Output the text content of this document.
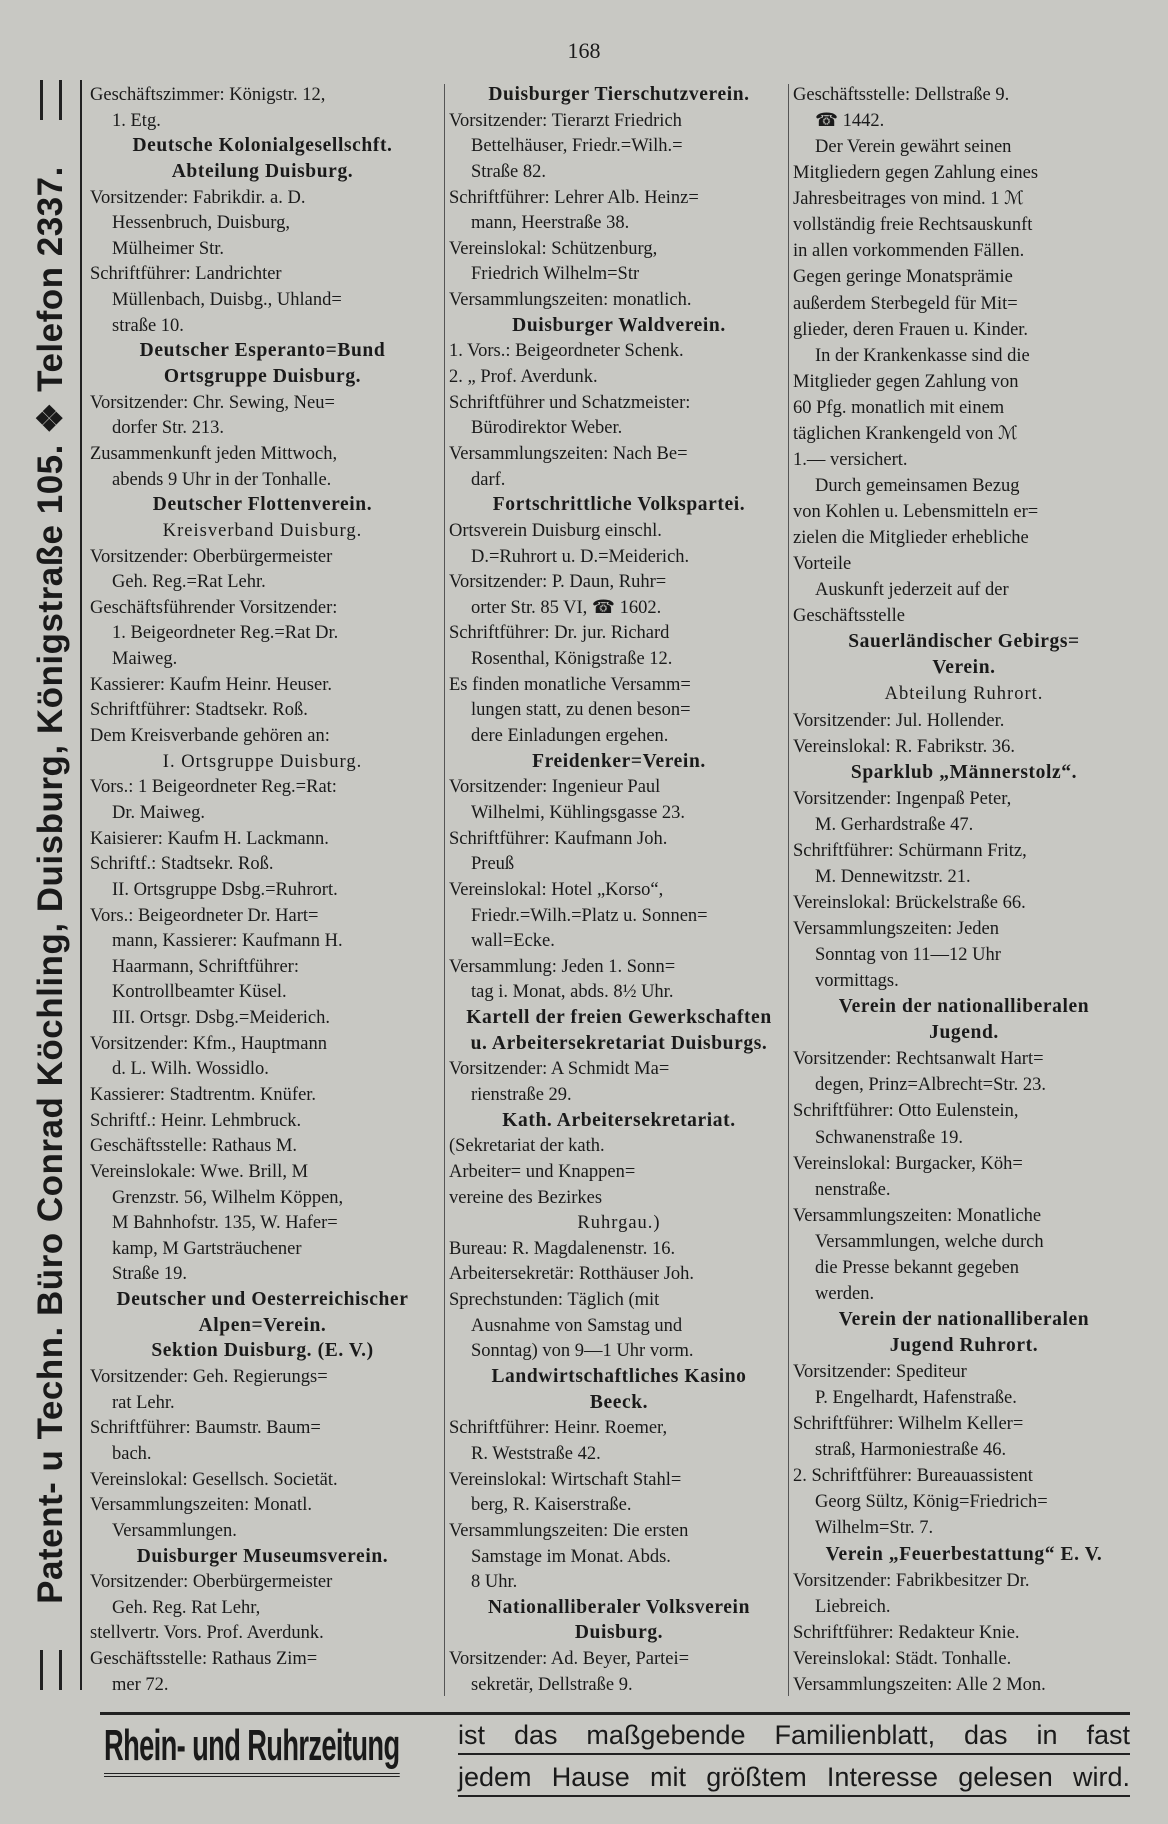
168
Patent- u Techn. Büro Conrad Köchling, Duisburg, Königstraße 105. ❖ Telefon 2337.
Geschäftszimmer: Königstr. 12,
1. Etg.
Deutsche Kolonialgesellschft.
Abteilung Duisburg.
Vorsitzender: Fabrikdir. a. D.
Hessenbruch, Duisburg,
Mülheimer Str.
Schriftführer: Landrichter
Müllenbach, Duisbg., Uhland=
straße 10.
Deutscher Esperanto=Bund
Ortsgruppe Duisburg.
Vorsitzender: Chr. Sewing, Neu=
dorfer Str. 213.
Zusammenkunft jeden Mittwoch,
abends 9 Uhr in der Tonhalle.
Deutscher Flottenverein.
Kreisverband Duisburg.
Vorsitzender: Oberbürgermeister
Geh. Reg.=Rat Lehr.
Geschäftsführender Vorsitzender:
1. Beigeordneter Reg.=Rat Dr.
Maiweg.
Kassierer: Kaufm Heinr. Heuser.
Schriftführer: Stadtsekr. Roß.
Dem Kreisverbande gehören an:
I. Ortsgruppe Duisburg.
Vors.: 1 Beigeordneter Reg.=Rat:
Dr. Maiweg.
Kaisierer: Kaufm H. Lackmann.
Schriftf.: Stadtsekr. Roß.
II. Ortsgruppe Dsbg.=Ruhrort.
Vors.: Beigeordneter Dr. Hart=
mann, Kassierer: Kaufmann H.
Haarmann, Schriftführer:
Kontrollbeamter Küsel.
III. Ortsgr. Dsbg.=Meiderich.
Vorsitzender: Kfm., Hauptmann
d. L. Wilh. Wossidlo.
Kassierer: Stadtrentm. Knüfer.
Schriftf.: Heinr. Lehmbruck.
Geschäftsstelle: Rathaus M.
Vereinslokale: Wwe. Brill, M
Grenzstr. 56, Wilhelm Köppen,
M Bahnhofstr. 135, W. Hafer=
kamp, M Gartsträuchener
Straße 19.
Deutscher und Oesterreichischer
Alpen=Verein.
Sektion Duisburg. (E. V.)
Vorsitzender: Geh. Regierungs=
rat Lehr.
Schriftführer: Baumstr. Baum=
bach.
Vereinslokal: Gesellsch. Societät.
Versammlungszeiten: Monatl.
Versammlungen.
Duisburger Museumsverein.
Vorsitzender: Oberbürgermeister
Geh. Reg. Rat Lehr,
stellvertr. Vors. Prof. Averdunk.
Geschäftsstelle: Rathaus Zim=
mer 72.
Duisburger Tierschutzverein.
Vorsitzender: Tierarzt Friedrich
Bettelhäuser, Friedr.=Wilh.=
Straße 82.
Schriftführer: Lehrer Alb. Heinz=
mann, Heerstraße 38.
Vereinslokal: Schützenburg,
Friedrich Wilhelm=Str
Versammlungszeiten: monatlich.
Duisburger Waldverein.
1. Vors.: Beigeordneter Schenk.
2. „ Prof. Averdunk.
Schriftführer und Schatzmeister:
Bürodirektor Weber.
Versammlungszeiten: Nach Be=
darf.
Fortschrittliche Volkspartei.
Ortsverein Duisburg einschl.
D.=Ruhrort u. D.=Meiderich.
Vorsitzender: P. Daun, Ruhr=
orter Str. 85 VI, ☎ 1602.
Schriftführer: Dr. jur. Richard
Rosenthal, Königstraße 12.
Es finden monatliche Versamm=
lungen statt, zu denen beson=
dere Einladungen ergehen.
Freidenker=Verein.
Vorsitzender: Ingenieur Paul
Wilhelmi, Kühlingsgasse 23.
Schriftführer: Kaufmann Joh.
Preuß
Vereinslokal: Hotel „Korso“,
Friedr.=Wilh.=Platz u. Sonnen=
wall=Ecke.
Versammlung: Jeden 1. Sonn=
tag i. Monat, abds. 8½ Uhr.
Kartell der freien Gewerkschaften
u. Arbeitersekretariat Duisburgs.
Vorsitzender: A Schmidt Ma=
rienstraße 29.
Kath. Arbeitersekretariat.
(Sekretariat der kath.
Arbeiter= und Knappen=
vereine des Bezirkes
Ruhrgau.)
Bureau: R. Magdalenenstr. 16.
Arbeitersekretär: Rotthäuser Joh.
Sprechstunden: Täglich (mit
Ausnahme von Samstag und
Sonntag) von 9—1 Uhr vorm.
Landwirtschaftliches Kasino
Beeck.
Schriftführer: Heinr. Roemer,
R. Weststraße 42.
Vereinslokal: Wirtschaft Stahl=
berg, R. Kaiserstraße.
Versammlungszeiten: Die ersten
Samstage im Monat. Abds.
8 Uhr.
Nationalliberaler Volksverein
Duisburg.
Vorsitzender: Ad. Beyer, Partei=
sekretär, Dellstraße 9.
Geschäftsstelle: Dellstraße 9.
☎ 1442.
Der Verein gewährt seinen
Mitgliedern gegen Zahlung eines
Jahresbeitrages von mind. 1 ℳ
vollständig freie Rechtsauskunft
in allen vorkommenden Fällen.
Gegen geringe Monatsprämie
außerdem Sterbegeld für Mit=
glieder, deren Frauen u. Kinder.
In der Krankenkasse sind die
Mitglieder gegen Zahlung von
60 Pfg. monatlich mit einem
täglichen Krankengeld von ℳ
1.— versichert.
Durch gemeinsamen Bezug
von Kohlen u. Lebensmitteln er=
zielen die Mitglieder erhebliche
Vorteile
Auskunft jederzeit auf der
Geschäftsstelle
Sauerländischer Gebirgs=
Verein.
Abteilung Ruhrort.
Vorsitzender: Jul. Hollender.
Vereinslokal: R. Fabrikstr. 36.
Sparklub „Männerstolz“.
Vorsitzender: Ingenpaß Peter,
M. Gerhardstraße 47.
Schriftführer: Schürmann Fritz,
M. Dennewitzstr. 21.
Vereinslokal: Brückelstraße 66.
Versammlungszeiten: Jeden
Sonntag von 11—12 Uhr
vormittags.
Verein der nationalliberalen
Jugend.
Vorsitzender: Rechtsanwalt Hart=
degen, Prinz=Albrecht=Str. 23.
Schriftführer: Otto Eulenstein,
Schwanenstraße 19.
Vereinslokal: Burgacker, Köh=
nenstraße.
Versammlungszeiten: Monatliche
Versammlungen, welche durch
die Presse bekannt gegeben
werden.
Verein der nationalliberalen
Jugend Ruhrort.
Vorsitzender: Spediteur
P. Engelhardt, Hafenstraße.
Schriftführer: Wilhelm Keller=
straß, Harmoniestraße 46.
2. Schriftführer: Bureauassistent
Georg Sültz, König=Friedrich=
Wilhelm=Str. 7.
Verein „Feuerbestattung“ E. V.
Vorsitzender: Fabrikbesitzer Dr.
Liebreich.
Schriftführer: Redakteur Knie.
Vereinslokal: Städt. Tonhalle.
Versammlungszeiten: Alle 2 Mon.
Rhein- und Ruhrzeitung ist das maßgebende Familienblatt, das in fast
jedem Hause mit größtem Interesse gelesen wird.
